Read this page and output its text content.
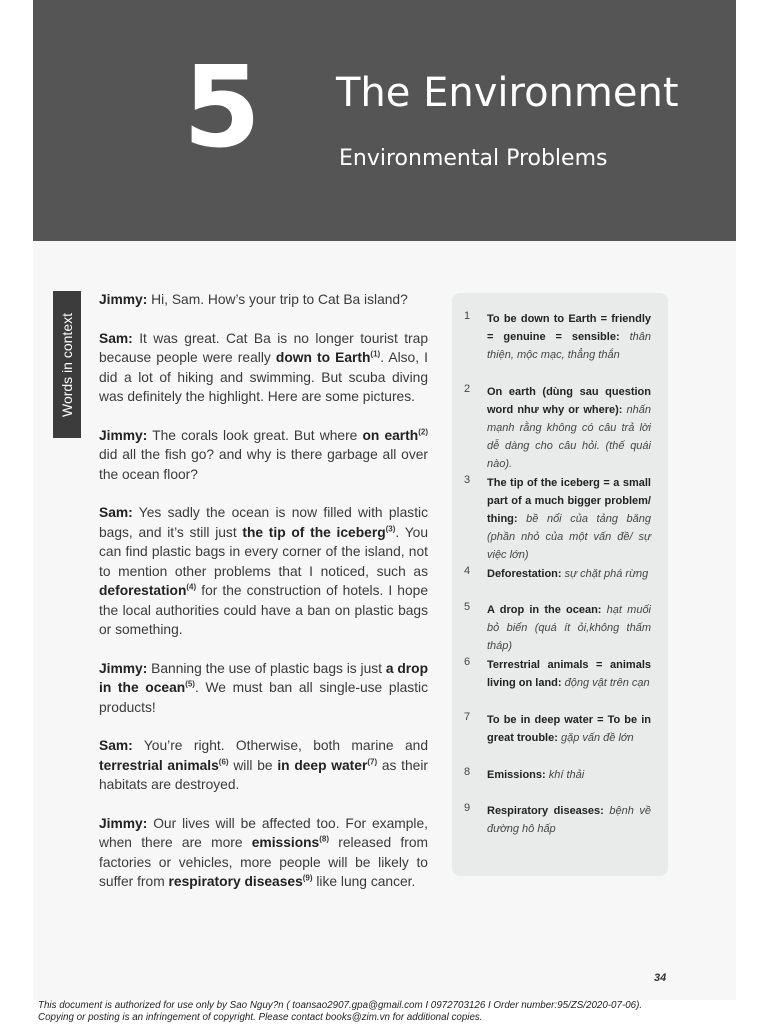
5 The Environment
Environmental Problems
Words in context

Jimmy: Hi, Sam. How’s your trip to Cat Ba island?

Sam: It was great. Cat Ba is no longer tourist trap because people were really down to Earth$^{(1)}$. Also, I did a lot of hiking and swimming. But scuba diving was definitely the highlight. Here are some pictures.

Jimmy: The corals look great. But where on earth$^{(2)}$ did all the fish go? and why is there garbage all over the ocean floor?

Sam: Yes sadly the ocean is now filled with plastic bags, and it’s still just the tip of the iceberg$^{(3)}$. You can find plastic bags in every corner of the island, not to mention other problems that I noticed, such as deforestation$^{(4)}$ for the construction of hotels. I hope the local authorities could have a ban on plastic bags or something.

Jimmy: Banning the use of plastic bags is just a drop in the ocean$^{(5)}$. We must ban all single-use plastic products!

Sam: You’re right. Otherwise, both marine and terrestrial animals$^{(6)}$ will be in deep water$^{(7)}$ as their habitats are destroyed.

Jimmy: Our lives will be affected too. For example, when there are more emissions$^{(8)}$ released from factories or vehicles, more people will be likely to suffer from respiratory diseases$^{(9)}$ like lung cancer.

1 To be down to Earth = friendly = genuine = sensible: thân thiện, mộc mạc, thẳng thắn
2 On earth (dùng sau question word như why or where): nhấn mạnh rằng không có câu trả lời dễ dàng cho câu hỏi. (thế quái nào).
3 The tip of the iceberg = a small part of a much bigger problem/ thing: bề nổi của tảng băng (phần nhỏ của một vấn đề/ sự việc lớn)
4 Deforestation: sự chặt phá rừng
5 A drop in the ocean: hạt muối bỏ biển (quá ít ỏi,không thấm tháp)
6 Terrestrial animals = animals living on land: động vật trên cạn
7 To be in deep water = To be in great trouble: gặp vấn đề lớn
8 Emissions: khí thải
9 Respiratory diseases: bệnh về đường hô hấp
34
This document is authorized for use only by Sao Nguy?n ( toansao2907.gpa@gmail.com I 0972703126 I Order number:95/ZS/2020-07-06).
Copying or posting is an infringement of copyright. Please contact books@zim.vn for additional copies.
